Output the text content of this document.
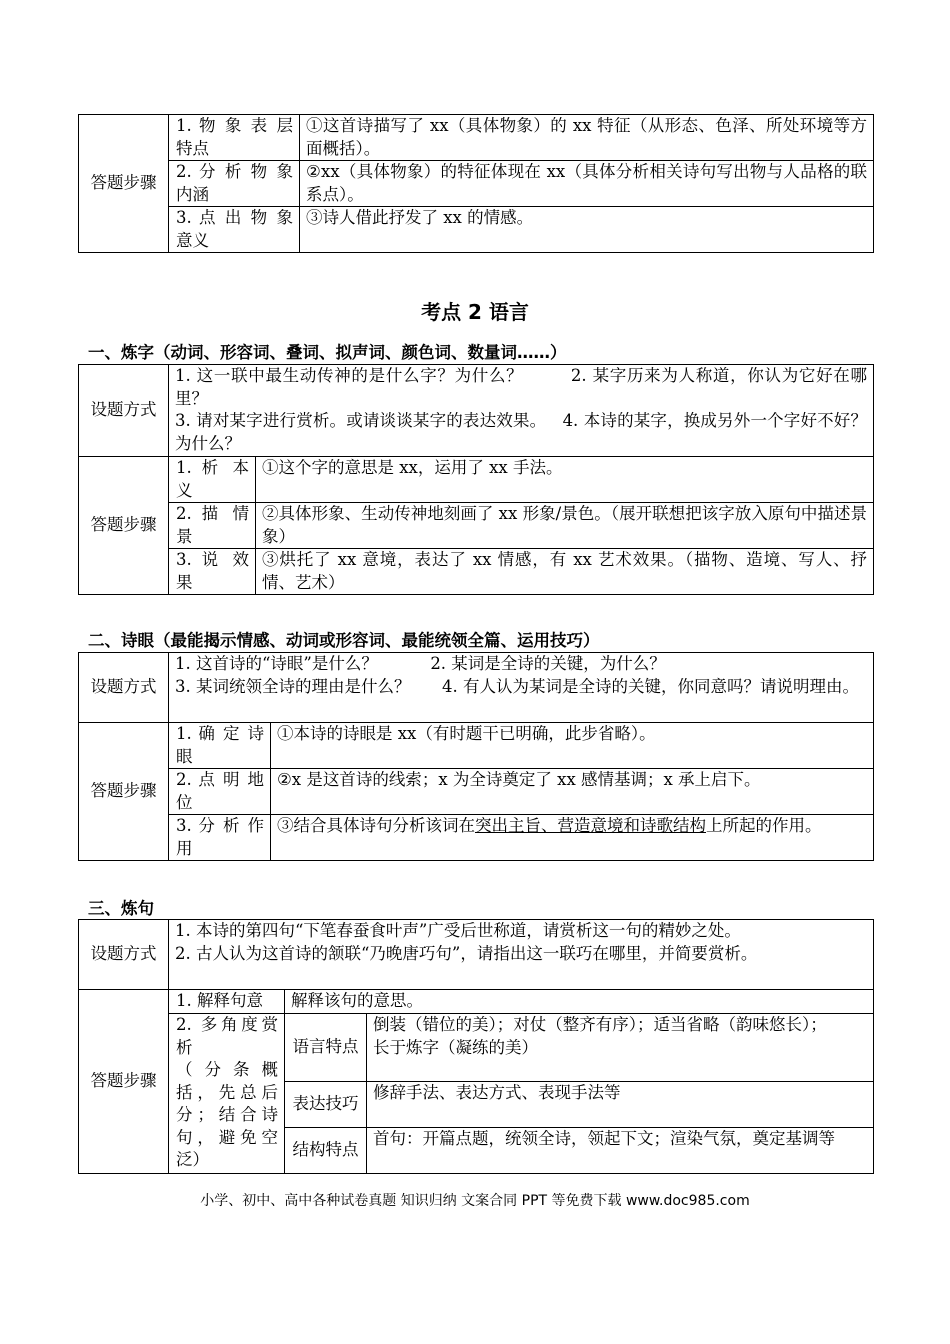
答题步骤	1. 物 象 表 层 特点	①这首诗描写了 xx（具体物象）的 xx 特征（从形态、色泽、所处环境等方面概括）。
	2. 分 析 物 象 内涵	②xx（具体物象）的特征体现在 xx（具体分析相关诗句写出物与人品格的联系点）。
	3. 点 出 物 象 意义	③诗人借此抒发了 xx 的情感。
考点 2 语言
一、炼字（动词、形容词、叠词、拟声词、颜色词、数量词……）
设题方式	1. 这一联中最生动传神的是什么字？为什么？ 2. 某字历来为人称道，你认为它好在哪里？
3. 请对某字进行赏析。或请谈谈某字的表达效果。 4. 本诗的某字，换成另外一个字好不好？为什么？	
答题步骤	1. 析 本 义	①这个字的意思是 xx，运用了 xx 手法。
	2. 描 情 景	②具体形象、生动传神地刻画了 xx 形象/景色。（展开联想把该字放入原句中描述景象）
	3. 说 效 果	③烘托了 xx 意境，表达了 xx 情感，有 xx 艺术效果。（描物、造境、写人、抒情、艺术）
二、诗眼（最能揭示情感、动词或形容词、最能统领全篇、运用技巧）
设题方式	1. 这首诗的“诗眼”是什么？ 2. 某词是全诗的关键，为什么？
3. 某词统领全诗的理由是什么？ 4. 有人认为某词是全诗的关键，你同意吗？请说明理由。	
答题步骤	1. 确 定 诗 眼	①本诗的诗眼是 xx（有时题干已明确，此步省略）。
	2. 点 明 地 位	②x 是这首诗的线索；x 为全诗奠定了 xx 感情基调；x 承上启下。
	3. 分 析 作 用	③结合具体诗句分析该词在突出主旨、营造意境和诗歌结构上所起的作用。
三、炼句
设题方式	1. 本诗的第四句“下笔春蚕食叶声”广受后世称道，请赏析这一句的精妙之处。
2. 古人认为这首诗的颔联“乃晚唐巧句”，请指出这一联巧在哪里，并简要赏析。		
答题步骤	1. 解释句意	解释该句的意思。	
	2. 多角度赏析
（ 分 条 概 括，先总后分；结合诗句，避免空泛）	语言特点	倒装（错位的美）；对仗（整齐有序）；适当省略（韵味悠长）；
长于炼字（凝练的美）
		表达技巧	修辞手法、表达方式、表现手法等
		结构特点	首句：开篇点题，统领全诗，领起下文；渲染气氛，奠定基调等
小学、初中、高中各种试卷真题 知识归纳 文案合同 PPT 等免费下载 www.doc985.com
